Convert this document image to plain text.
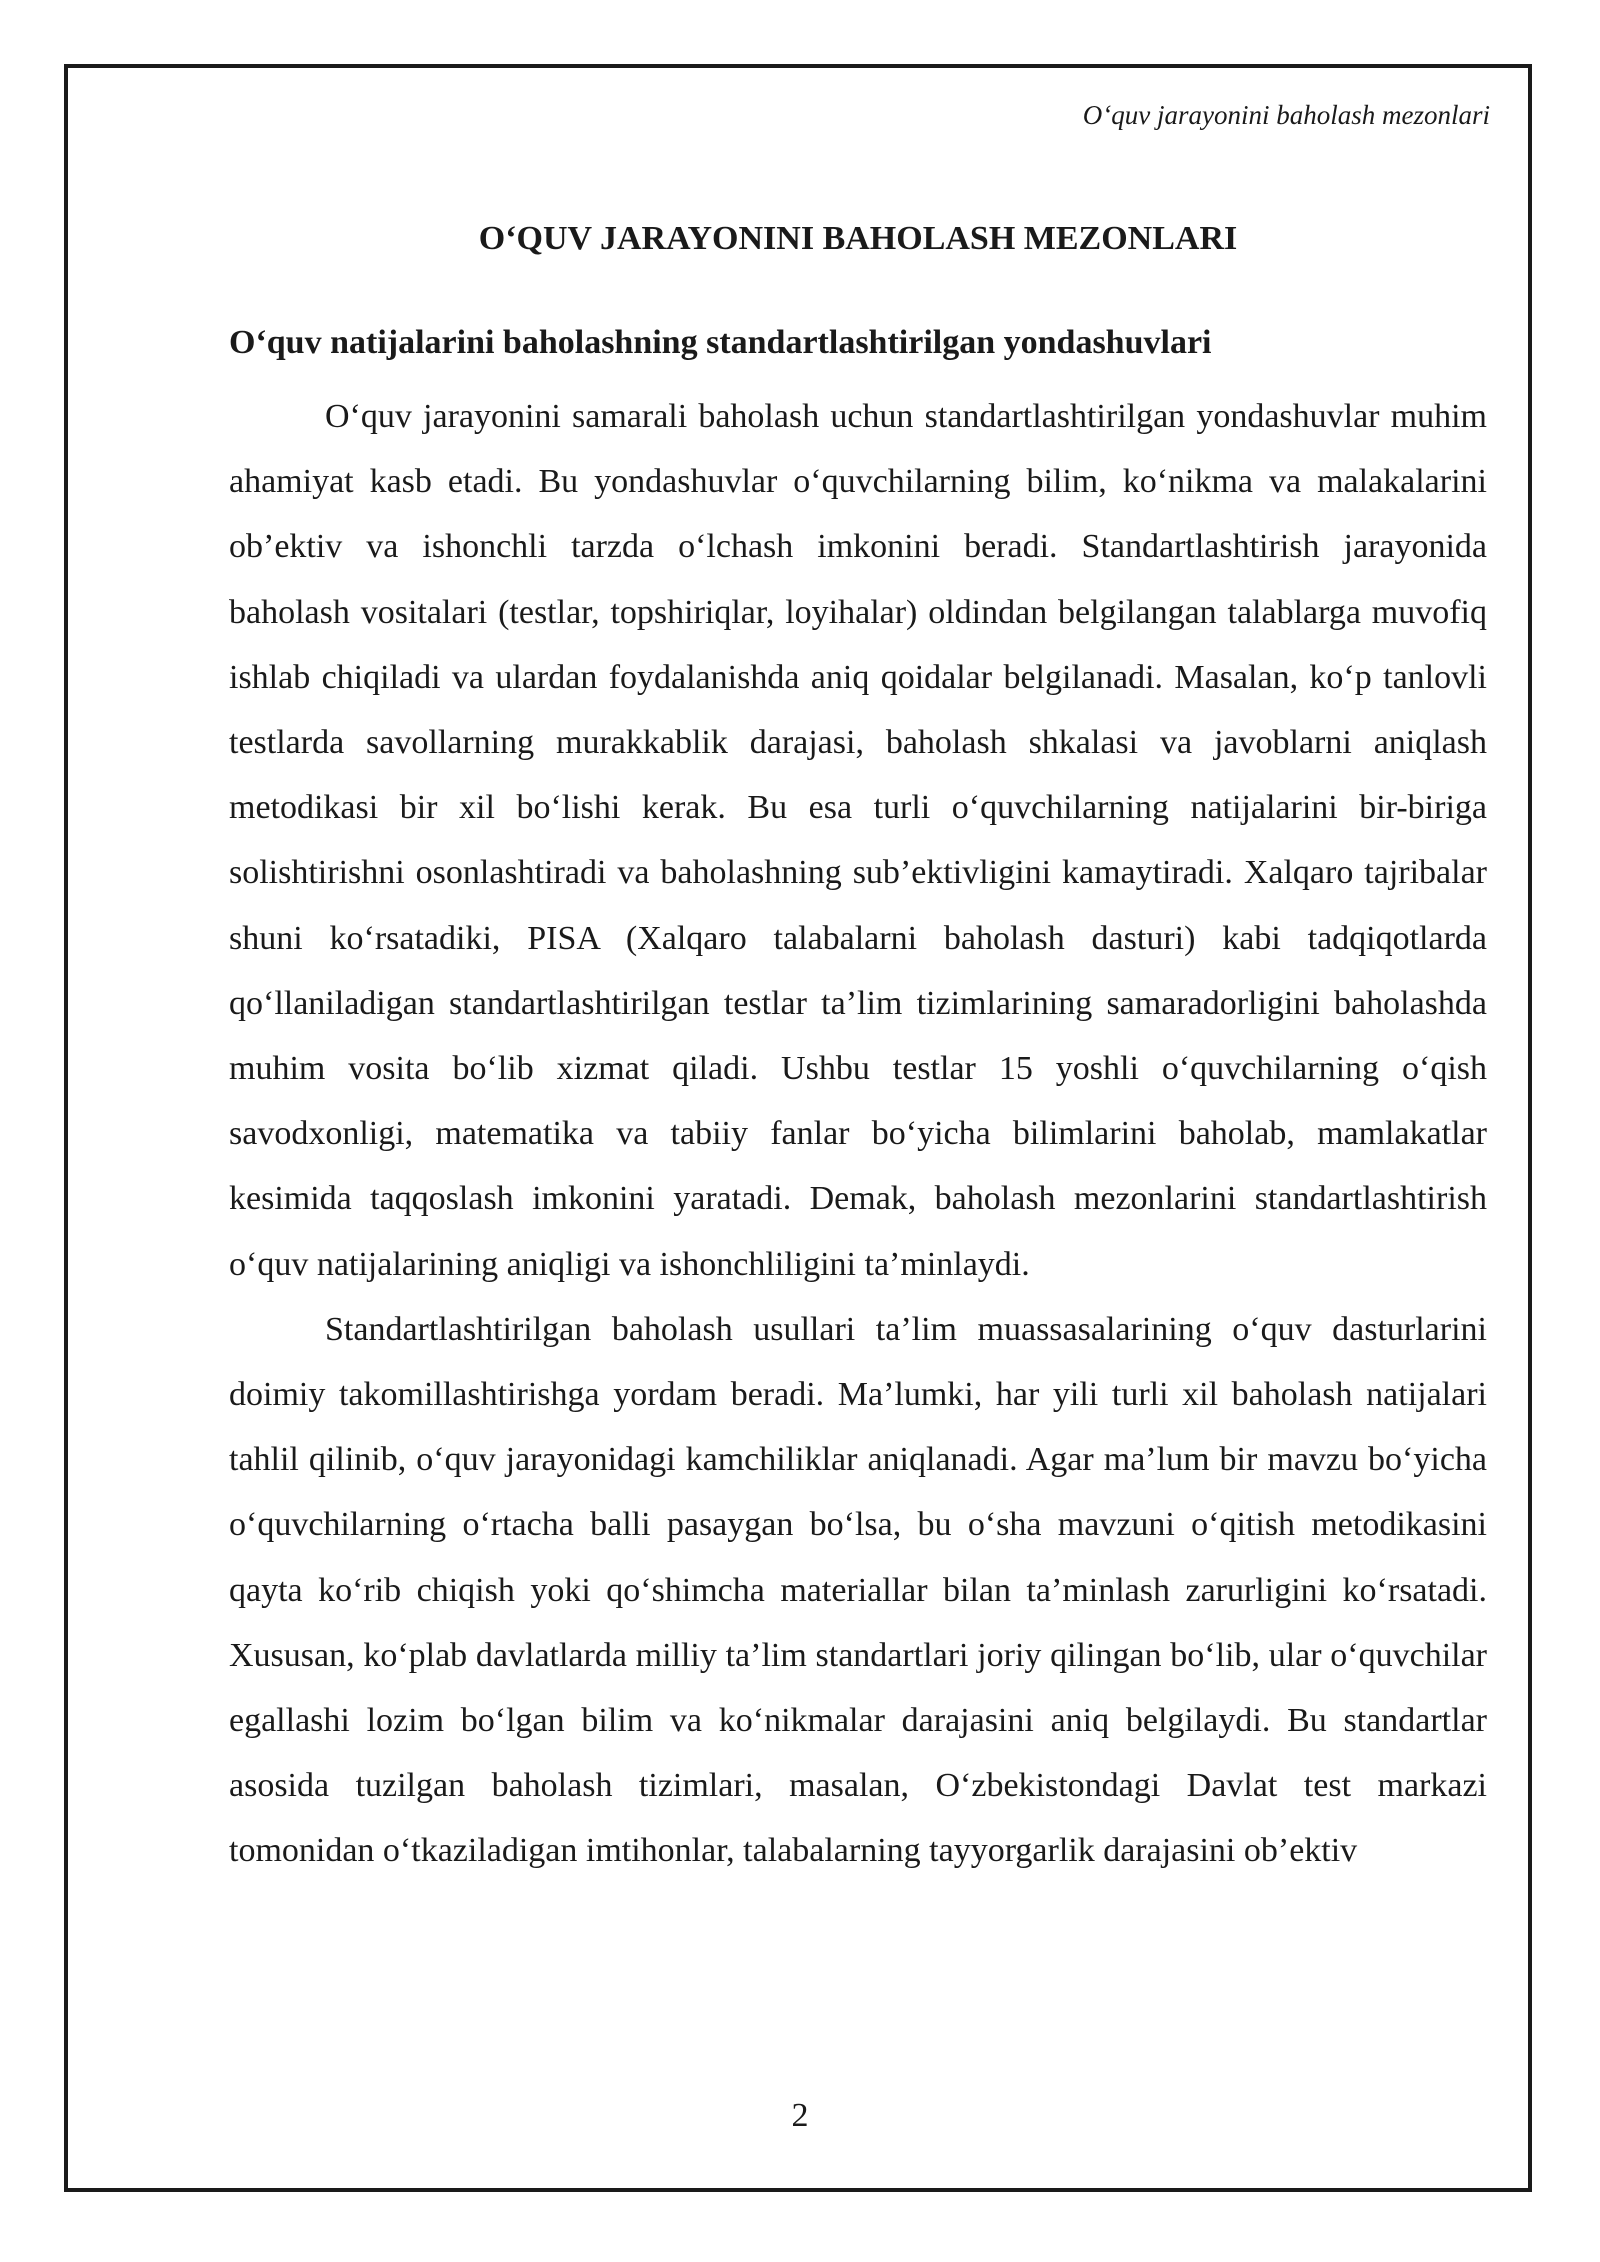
O‘quv jarayonini baholash mezonlari
O‘QUV JARAYONINI BAHOLASH MEZONLARI
O‘quv natijalarini baholashning standartlashtirilgan yondashuvlari

O‘quv jarayonini samarali baholash uchun standartlashtirilgan yondashuvlar muhim ahamiyat kasb etadi. Bu yondashuvlar o‘quvchilarning bilim, ko‘nikma va malakalarini ob’ektiv va ishonchli tarzda o‘lchash imkonini beradi. Standartlashtirish jarayonida baholash vositalari (testlar, topshiriqlar, loyihalar) oldindan belgilangan talablarga muvofiq ishlab chiqiladi va ulardan foydalanishda aniq qoidalar belgilanadi. Masalan, ko‘p tanlovli testlarda savollarning murakkablik darajasi, baholash shkalasi va javoblarni aniqlash metodikasi bir xil bo‘lishi kerak. Bu esa turli o‘quvchilarning natijalarini bir-biriga solishtirishni osonlashtiradi va baholashning sub’ektivligini kamaytiradi. Xalqaro tajribalar shuni ko‘rsatadiki, PISA (Xalqaro talabalarni baholash dasturi) kabi tadqiqotlarda qo‘llaniladigan standartlashtirilgan testlar ta’lim tizimlarining samaradorligini baholashda muhim vosita bo‘lib xizmat qiladi. Ushbu testlar 15 yoshli o‘quvchilarning o‘qish savodxonligi, matematika va tabiiy fanlar bo‘yicha bilimlarini baholab, mamlakatlar kesimida taqqoslash imkonini yaratadi. Demak, baholash mezonlarini standartlashtirish o‘quv natijalarining aniqligi va ishonchliligini ta’minlaydi.

Standartlashtirilgan baholash usullari ta’lim muassasalarining o‘quv dasturlarini doimiy takomillashtirishga yordam beradi. Ma’lumki, har yili turli xil baholash natijalari tahlil qilinib, o‘quv jarayonidagi kamchiliklar aniqlanadi. Agar ma’lum bir mavzu bo‘yicha o‘quvchilarning o‘rtacha balli pasaygan bo‘lsa, bu o‘sha mavzuni o‘qitish metodikasini qayta ko‘rib chiqish yoki qo‘shimcha materiallar bilan ta’minlash zarurligini ko‘rsatadi. Xususan, ko‘plab davlatlarda milliy ta’lim standartlari joriy qilingan bo‘lib, ular o‘quvchilar egallashi lozim bo‘lgan bilim va ko‘nikmalar darajasini aniq belgilaydi. Bu standartlar asosida tuzilgan baholash tizimlari, masalan, O‘zbekistondagi Davlat test markazi tomonidan o‘tkaziladigan imtihonlar, talabalarning tayyorgarlik darajasini ob’ektiv

2
